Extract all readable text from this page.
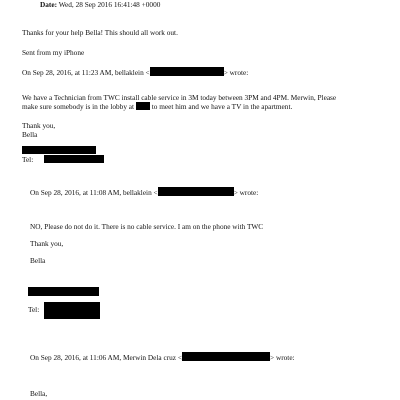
Date: Wed, 28 Sep 2016 16:41:48 +0000
Thanks for your help Bella! This should all work out.
Sent from my iPhone
On Sep 28, 2016, at 11:23 AM, bellaklein <	> wrote:
We have a Technician from TWC install cable service in 3M today between 3PM and 4PM. Merwin, Please
make sure somebody is in the lobby at to meet him and we have a TV in the apartment.
Thank you,
Bella
Tel:
On Sep 28, 2016, at 11:08 AM, bellaklein <	> wrote:
NO, Please do not do it. There is no cable service. I am on the phone with TWC
Thank you,
Bella
Tel:
On Sep 28, 2016, at 11:06 AM, Merwin Dela cruz <	> wrote:
Bella,
